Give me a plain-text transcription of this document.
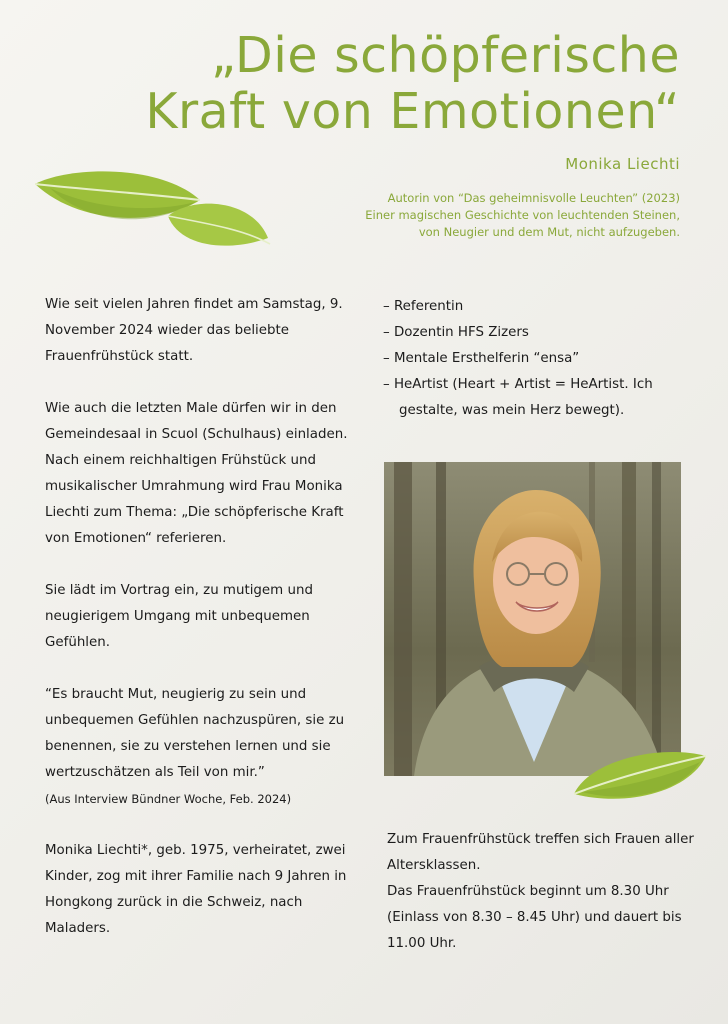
„Die schöpferische
Kraft von Emotionen“
Monika Liechti
Autorin von “Das geheimnisvolle Leuchten” (2023)
Einer magischen Geschichte von leuchtenden Steinen,
von Neugier und dem Mut, nicht aufzugeben.

Wie seit vielen Jahren findet am Samstag, 9. November 2024 wieder das beliebte Frauenfrühstück statt.

Wie auch die letzten Male dürfen wir in den Gemeindesaal in Scuol (Schulhaus) einladen. Nach einem reichhaltigen Frühstück und musikalischer Umrahmung wird Frau Monika Liechti zum Thema: „Die schöpferische Kraft von Emotionen“ referieren.

Sie lädt im Vortrag ein, zu mutigem und neugierigem Umgang mit unbequemen Gefühlen.

“Es braucht Mut, neugierig zu sein und unbequemen Gefühlen nachzuspüren, sie zu benennen, sie zu verstehen lernen und sie wertzuschätzen als Teil von mir.”

(Aus Interview Bündner Woche, Feb. 2024)

Monika Liechti*, geb. 1975, verheiratet, zwei Kinder, zog mit ihrer Familie nach 9 Jahren in Hongkong zurück in die Schweiz, nach Maladers.

– Referentin
– Dozentin HFS Zizers
– Mentale Ersthelferin “ensa”
– HeArtist (Heart + Artist = HeArtist. Ich gestalte, was mein Herz bewegt).

Zum Frauenfrühstück treffen sich Frauen aller Altersklassen.

Das Frauenfrühstück beginnt um 8.30 Uhr (Einlass von 8.30 – 8.45 Uhr) und dauert bis 11.00 Uhr.
